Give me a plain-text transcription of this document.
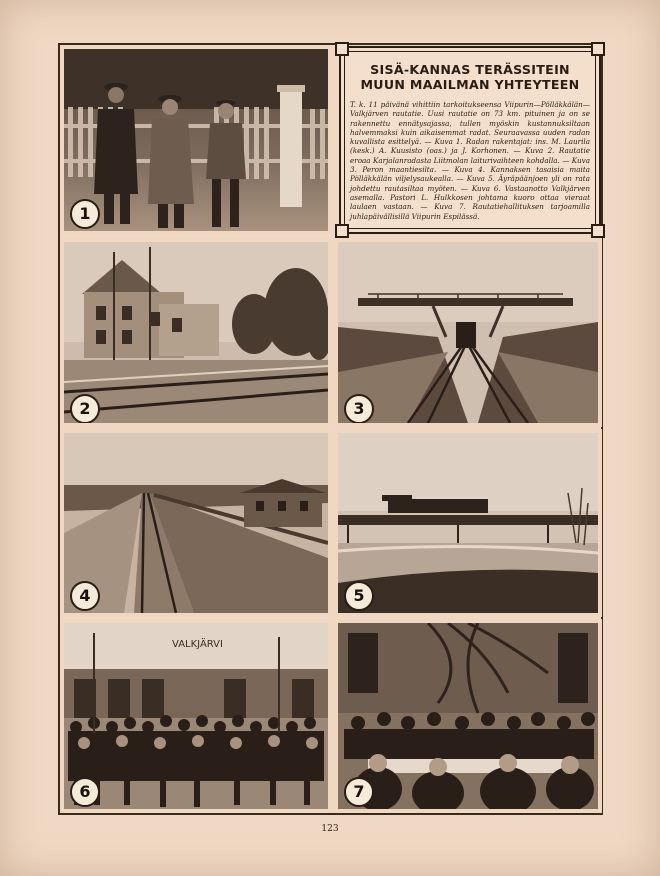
1
SISÄ-KANNAS TERÄSSITEIN
MUUN MAAILMAN YHTEYTEEN
T. k. 11 päivänä vihittiin tarkoitukseensa Viipurin—Pölläkkälän—Valkjärven rautatie. Uusi rautatie on 73 km. pituinen ja on se rakennettu ennätysajassa, tullen myöskin kustannuksiltaan halvemmaksi kuin aikaisemmat radat. Seuraavassa uuden radan kuvallista esittelyä. — Kuva 1. Radan rakentajat: ins. M. Laurila (kesk.) A. Kuusisto (oas.) ja J. Korhonen. — Kuva 2. Rautatie eroaa Karjalanradasta Liitmolan laiturivaihteen kohdalla. — Kuva 3. Peron maantiesilta. — Kuva 4. Kannaksen tasaisia maita Pölläkkälän viljelysaukealla. — Kuva 5. Äyräpäänjoen yli on rata johdettu rautasiltaa myöten. — Kuva 6. Vastaanotto Valkjärven asemalla. Pastori L. Hulkkosen johtama kuoro ottaa vieraat laulaen vastaan. — Kuva 7. Rautatiehallituksen tarjoamilla juhlapäivällisillä Viipurin Espilässä.
2	3
4	5
VALKJÄRVI
6	7
123
